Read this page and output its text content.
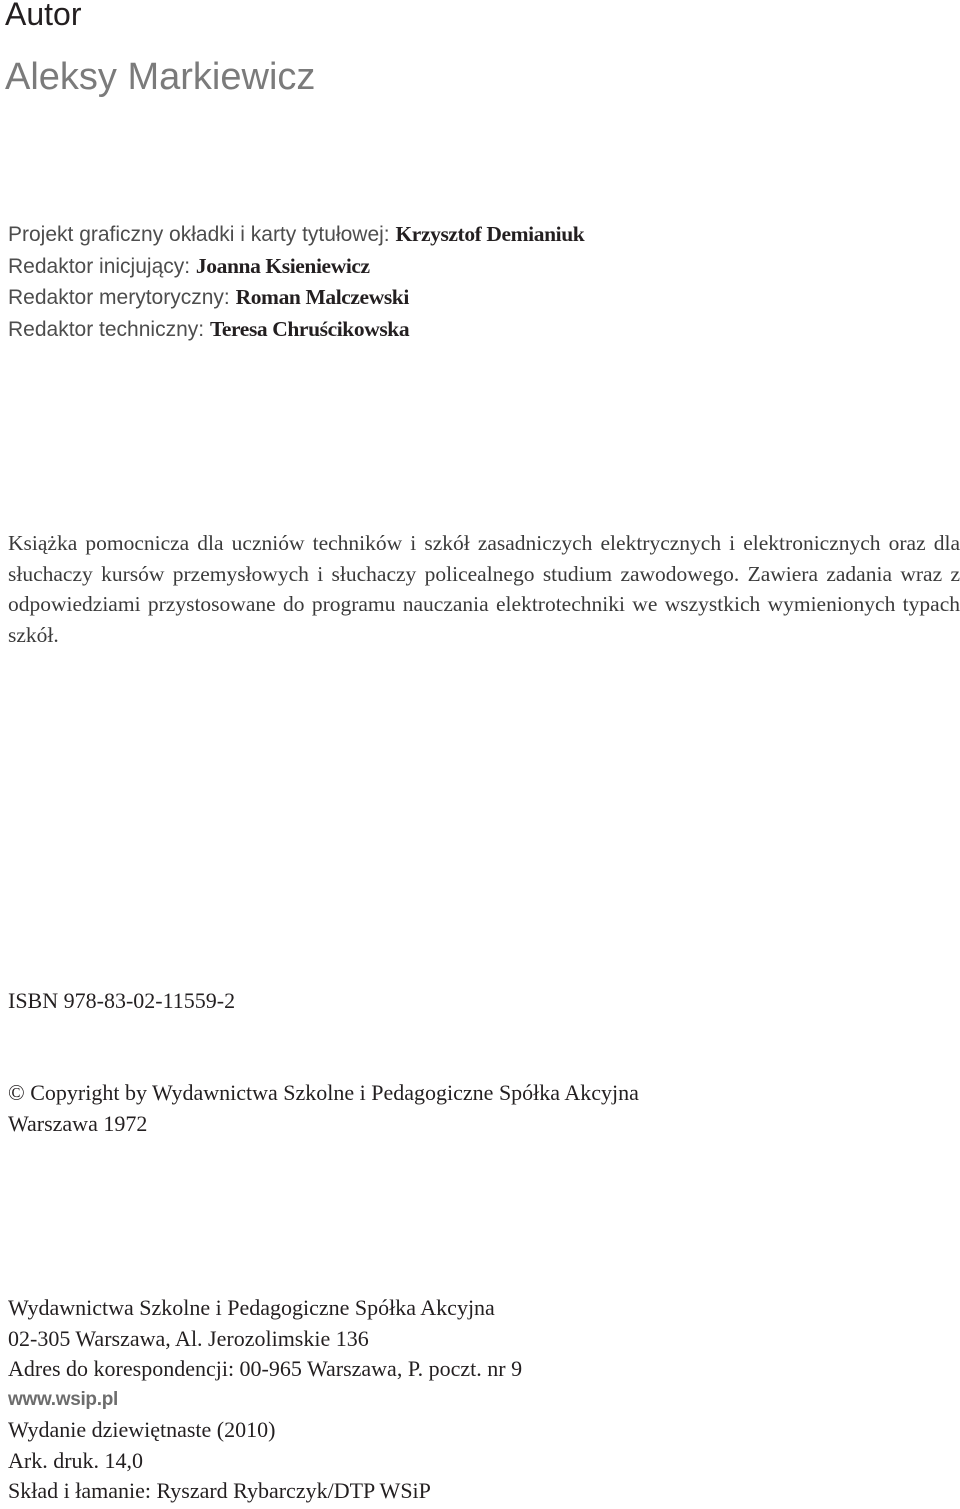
Autor
Aleksy Markiewicz
Projekt graficzny okładki i karty tytułowej: Krzysztof Demianiuk
Redaktor inicjujący: Joanna Ksieniewicz
Redaktor merytoryczny: Roman Malczewski
Redaktor techniczny: Teresa Chruścikowska
Książka pomocnicza dla uczniów techników i szkół zasadniczych elektrycznych i elektronicznych oraz dla słuchaczy kursów przemysłowych i słuchaczy policealnego studium zawodowego. Zawiera zadania wraz z odpowiedziami przystosowane do programu nauczania elektrotechniki we wszystkich wymienionych typach szkół.
ISBN 978-83-02-11559-2
© Copyright by Wydawnictwa Szkolne i Pedagogiczne Spółka Akcyjna
Warszawa 1972
Wydawnictwa Szkolne i Pedagogiczne Spółka Akcyjna
02-305 Warszawa, Al. Jerozolimskie 136
Adres do korespondencji: 00-965 Warszawa, P. poczt. nr 9
www.wsip.pl
Wydanie dziewiętnaste (2010)
Ark. druk. 14,0
Skład i łamanie: Ryszard Rybarczyk/DTP WSiP
